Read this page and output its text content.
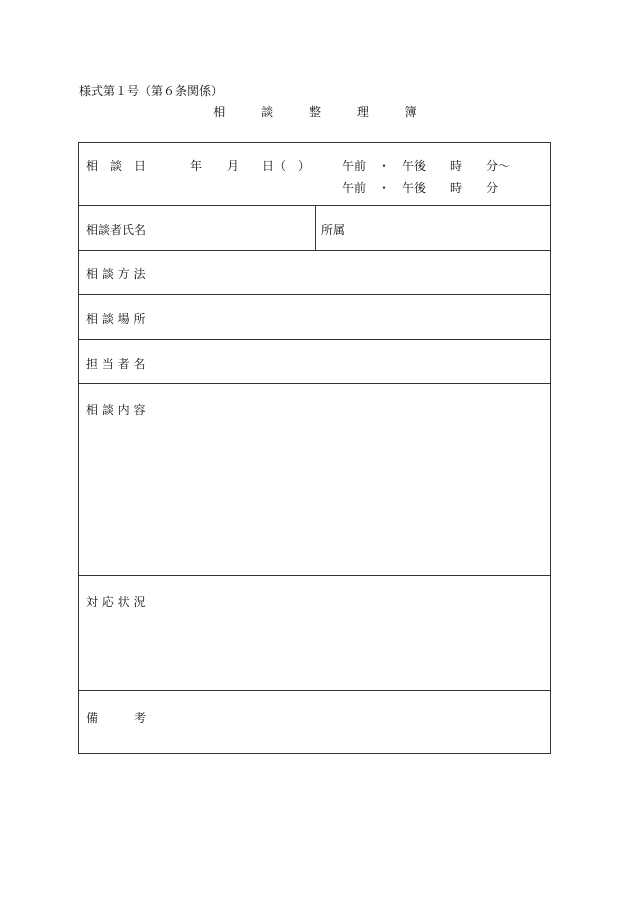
様式第１号（第６条関係）
相	談	整	理	簿
相　談　日	年 月 日（　）	午前　・　午後　　時　　分～
午前　・　午後　　時　　分
相談者氏名	所属
相 談 方 法
相 談 場 所
担 当 者 名
相 談 内 容
対 応 状 況
備　　　考
